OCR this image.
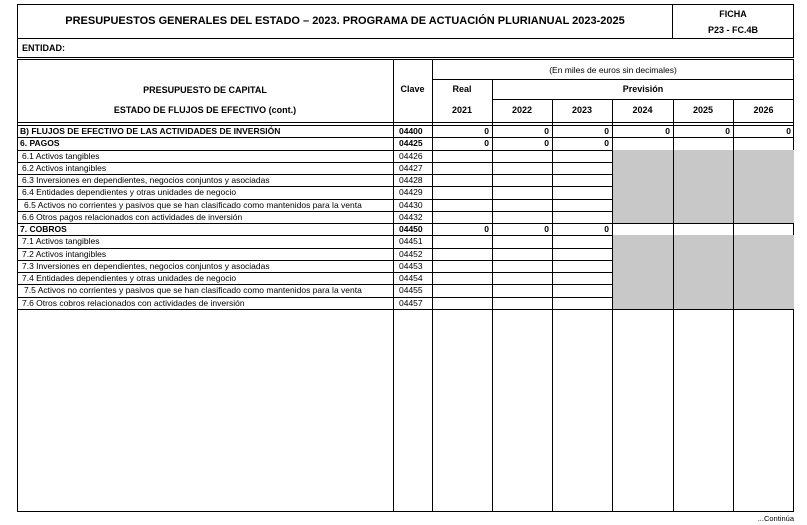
PRESUPUESTOS GENERALES DEL ESTADO – 2023. PROGRAMA DE ACTUACIÓN PLURIANUAL 2023-2025
FICHA
P23 - FC.4B
ENTIDAD:
(En miles de euros sin decimales)
PRESUPUESTO DE CAPITAL
ESTADO DE FLUJOS DE EFECTIVO (cont.)
Clave	Real	Previsión
2021	2022	2023	2024	2025	2026
B) FLUJOS DE EFECTIVO DE LAS ACTIVIDADES DE INVERSIÓN	04400	0	0	0	0	0	0
6. PAGOS	04425	0	0	0
6.1 Activos tangibles	04426
6.2 Activos intangibles	04427
6.3 Inversiones en dependientes, negocios conjuntos y asociadas	04428
6.4 Entidades dependientes y otras unidades de negocio	04429
6.5 Activos no corrientes y pasivos que se han clasificado como mantenidos para la venta	04430
6.6 Otros pagos relacionados con actividades de inversión	04432
7. COBROS	04450	0	0	0
7.1 Activos tangibles	04451
7.2 Activos intangibles	04452
7.3 Inversiones en dependientes, negocios conjuntos y asociadas	04453
7.4 Entidades dependientes y otras unidades de negocio	04454
7.5 Activos no corrientes y pasivos que se han clasificado como mantenidos para la venta	04455
7.6 Otros cobros relacionados con actividades de inversión	04457
...Continúa
